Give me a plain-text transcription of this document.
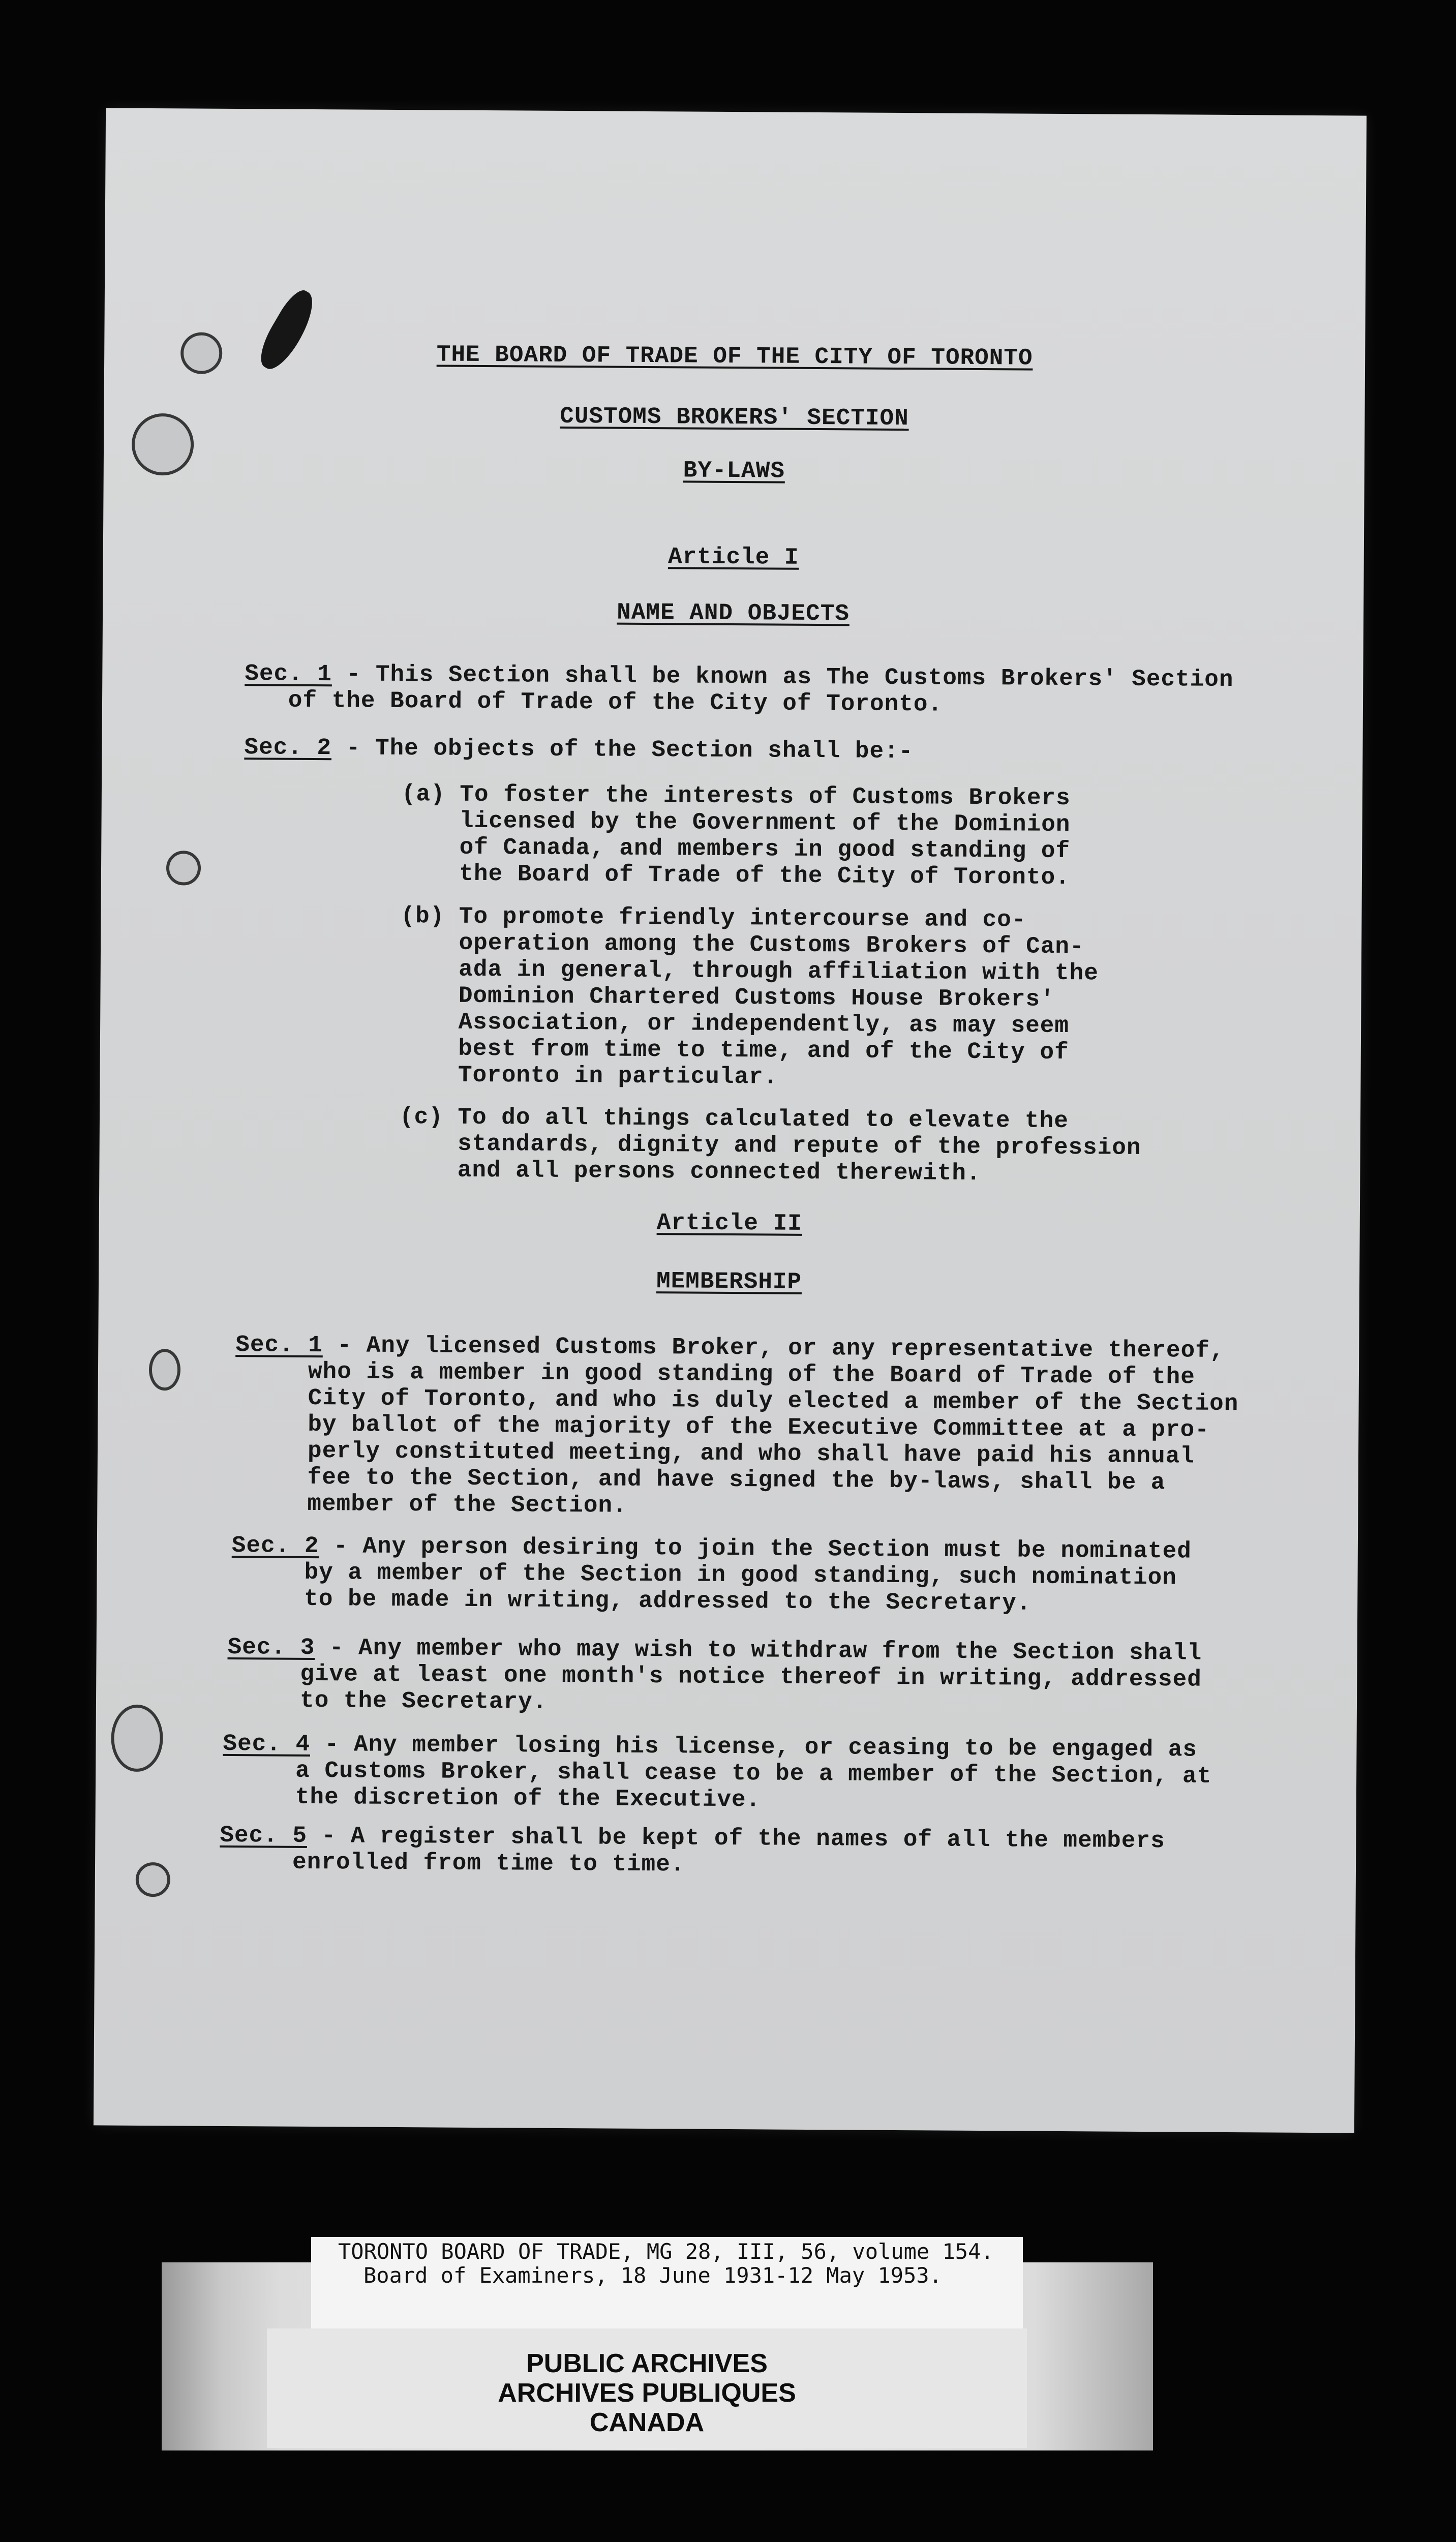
THE BOARD OF TRADE OF THE CITY OF TORONTO
CUSTOMS BROKERS' SECTION
BY-LAWS
Article I
NAME AND OBJECTS
Sec. 1 - This Section shall be known as The Customs Brokers' Section
of the Board of Trade of the City of Toronto.
Sec. 2 - The objects of the Section shall be:-
(a) To foster the interests of Customs Brokers
licensed by the Government of the Dominion
of Canada, and members in good standing of
the Board of Trade of the City of Toronto.
(b) To promote friendly intercourse and co-
operation among the Customs Brokers of Can-
ada in general, through affiliation with the
Dominion Chartered Customs House Brokers'
Association, or independently, as may seem
best from time to time, and of the City of
Toronto in particular.
(c) To do all things calculated to elevate the
standards, dignity and repute of the profession
and all persons connected therewith.
Article II
MEMBERSHIP
Sec. 1 - Any licensed Customs Broker, or any representative thereof,
who is a member in good standing of the Board of Trade of the
City of Toronto, and who is duly elected a member of the Section
by ballot of the majority of the Executive Committee at a pro-
perly constituted meeting, and who shall have paid his annual
fee to the Section, and have signed the by-laws, shall be a
member of the Section.
Sec. 2 - Any person desiring to join the Section must be nominated
by a member of the Section in good standing, such nomination
to be made in writing, addressed to the Secretary.
Sec. 3 - Any member who may wish to withdraw from the Section shall
give at least one month's notice thereof in writing, addressed
to the Secretary.
Sec. 4 - Any member losing his license, or ceasing to be engaged as
a Customs Broker, shall cease to be a member of the Section, at
the discretion of the Executive.
Sec. 5 - A register shall be kept of the names of all the members
enrolled from time to time.
TORONTO BOARD OF TRADE, MG 28, III, 56, volume 154.
Board of Examiners, 18 June 1931-12 May 1953.
PUBLIC ARCHIVES
ARCHIVES PUBLIQUES
CANADA
